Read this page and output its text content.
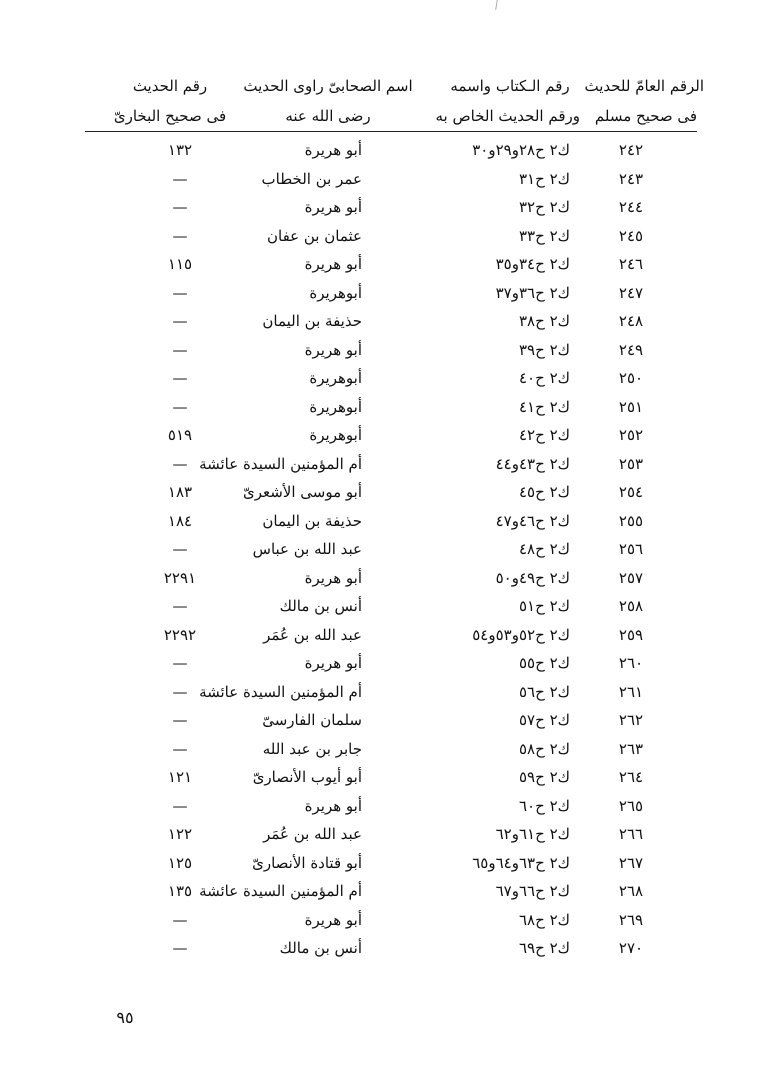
الرقم العامّ للحديث
فى صحيح مسلم
رقم الـكتاب واسمه
ورقم الحديث الخاص به
اسم الصحابىّ راوى الحديث
رضى الله عنه
رقم الحديث
فى صحيح البخارىّ
٢٤٢
ك٢ ح٢٨و٢٩و٣٠
أبو هريرة
١٣٢
٢٤٣
ك٢ ح٣١
عمر بن الخطاب
—
٢٤٤
ك٢ ح٣٢
أبو هريرة
—
٢٤٥
ك٢ ح٣٣
عثمان بن عفان
—
٢٤٦
ك٢ ح٣٤و٣٥
أبو هريرة
١١٥
٢٤٧
ك٢ ح٣٦و٣٧
أبوهريرة
—
٢٤٨
ك٢ ح٣٨
حذيفة بن اليمان
—
٢٤٩
ك٢ ح٣٩
أبو هريرة
—
٢٥٠
ك٢ ح٤٠
أبوهريرة
—
٢٥١
ك٢ ح٤١
أبوهريرة
—
٢٥٢
ك٢ ح٤٢
أبوهريرة
٥١٩
٢٥٣
ك٢ ح٤٣و٤٤
أم المؤمنين السيدة عائشة
—
٢٥٤
ك٢ ح٤٥
أبو موسى الأشعرىّ
١٨٣
٢٥٥
ك٢ ح٤٦و٤٧
حذيفة بن اليمان
١٨٤
٢٥٦
ك٢ ح٤٨
عبد الله بن عباس
—
٢٥٧
ك٢ ح٤٩و٥٠
أبو هريرة
٢٢٩١
٢٥٨
ك٢ ح٥١
أنس بن مالك
—
٢٥٩
ك٢ ح٥٢و٥٣و٥٤
عبد الله بن عُمَر
٢٢٩٢
٢٦٠
ك٢ ح٥٥
أبو هريرة
—
٢٦١
ك٢ ح٥٦
أم المؤمنين السيدة عائشة
—
٢٦٢
ك٢ ح٥٧
سلمان الفارسىّ
—
٢٦٣
ك٢ ح٥٨
جابر بن عبد الله
—
٢٦٤
ك٢ ح٥٩
أبو أيوب الأنصارىّ
١٢١
٢٦٥
ك٢ ح٦٠
أبو هريرة
—
٢٦٦
ك٢ ح٦١و٦٢
عبد الله بن عُمَر
١٢٢
٢٦٧
ك٢ ح٦٣و٦٤و٦٥
أبو قتادة الأنصارىّ
١٢٥
٢٦٨
ك٢ ح٦٦و٦٧
أم المؤمنين السيدة عائشة
١٣٥
٢٦٩
ك٢ ح٦٨
أبو هريرة
—
٢٧٠
ك٢ ح٦٩
أنس بن مالك
—
٩٥
